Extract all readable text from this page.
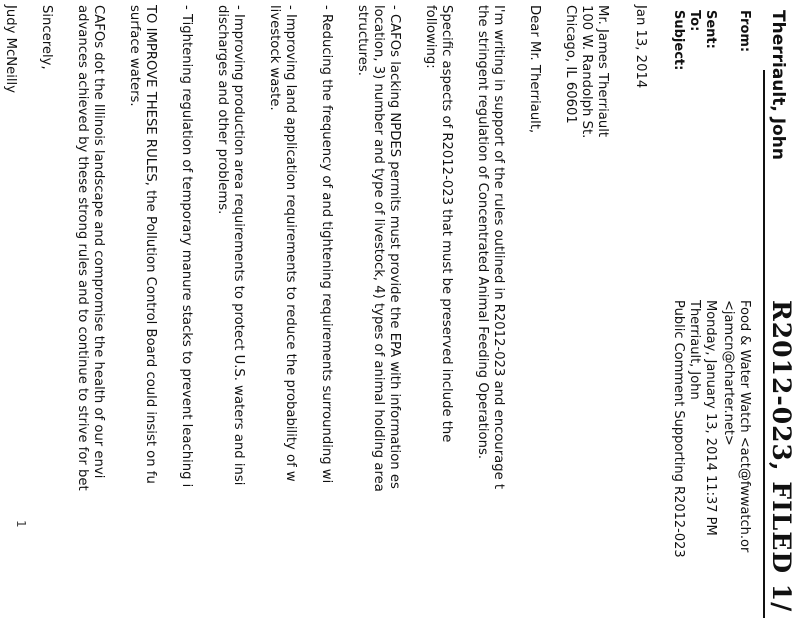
R2012-023, FILED 1/
Therriault, John
From:
Food & Water Watch <act@fwwatch.or
<jamcn@charter.net>
Sent:
Monday, January 13, 2014 11:37 PM
To:
Therriault, John
Subject:
Public Comment Supporting R2012-023
Jan 13, 2014
Mr. James Therriault
100 W. Randolph St.
Chicago, IL 60601
Dear Mr. Therriault,
I'm writing in support of the rules outlined in R2012-023 and encourage t
the stringent regulation of Concentrated Animal Feeding Operations.
Specific aspects of R2012-023 that must be preserved include the
following:
- CAFOs lacking NPDES permits must provide the EPA with information es
location, 3) number and type of livestock, 4) types of animal holding area
structures.
- Reducing the frequency of and tightening requirements surrounding wi
- Improving land application requirements to reduce the probability of w
livestock waste.
- Improving production area requirements to protect U.S. waters and insi
discharges and other problems.
- Tightening regulation of temporary manure stacks to prevent leaching i
TO IMPROVE THESE RULES, the Pollution Control Board could insist on fu
surface waters.
CAFOs dot the Illinois landscape and compromise the health of our envi
advances achieved by these strong rules and to continue to strive for bet
Sincerely,
Judy McNeilly
1
